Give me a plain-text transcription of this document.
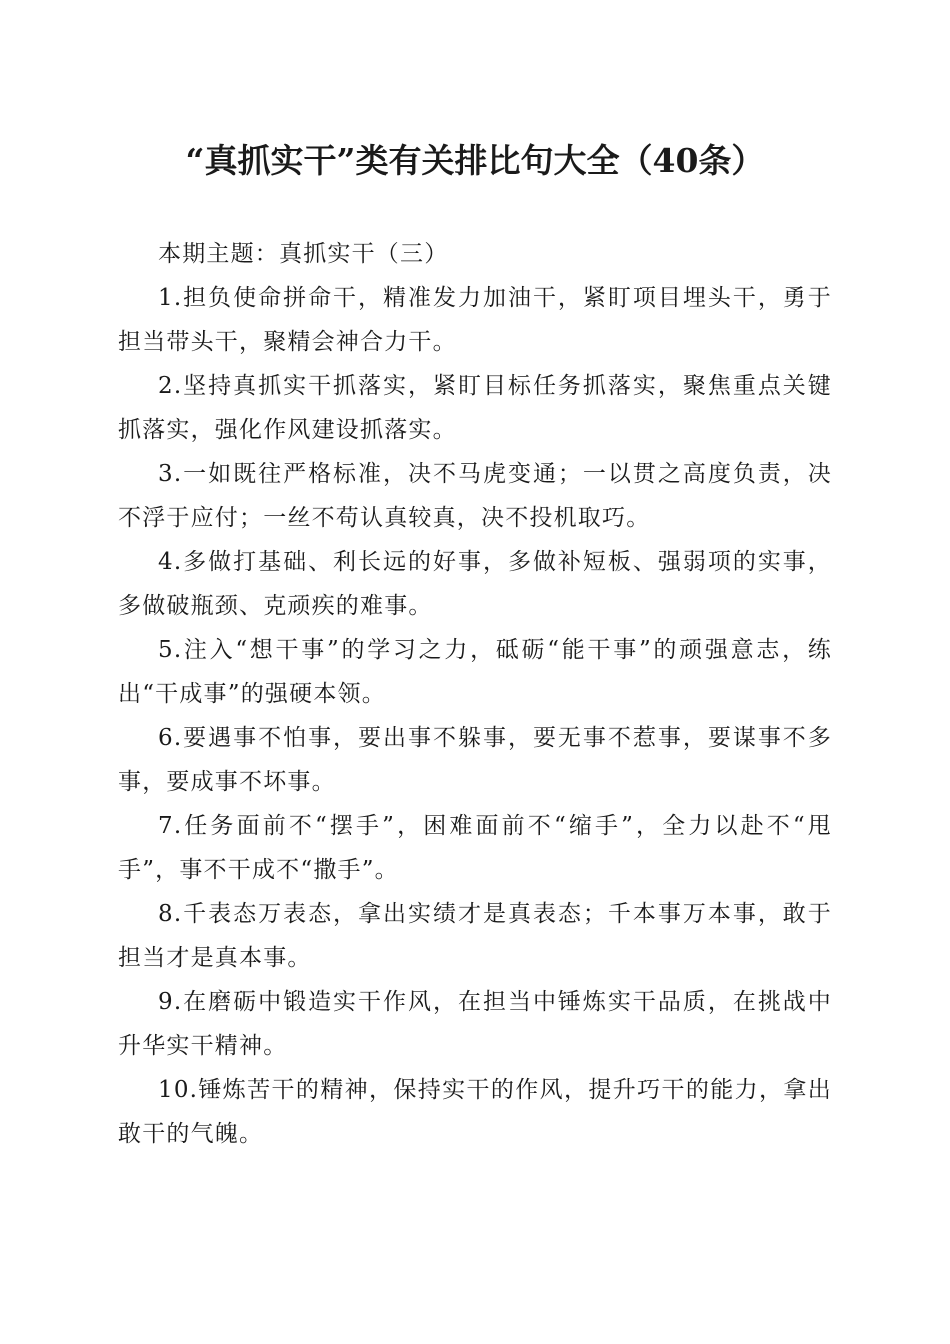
“真抓实干”类有关排比句大全（40条）

本期主题：真抓实干（三）

1.担负使命拼命干，精准发力加油干，紧盯项目埋头干，勇于担当带头干，聚精会神合力干。

2.坚持真抓实干抓落实，紧盯目标任务抓落实，聚焦重点关键抓落实，强化作风建设抓落实。

3.一如既往严格标准，决不马虎变通；一以贯之高度负责，决不浮于应付；一丝不苟认真较真，决不投机取巧。

4.多做打基础、利长远的好事，多做补短板、强弱项的实事，多做破瓶颈、克顽疾的难事。

5.注入“想干事”的学习之力，砥砺“能干事”的顽强意志，练出“干成事”的强硬本领。

6.要遇事不怕事，要出事不躲事，要无事不惹事，要谋事不多事，要成事不坏事。

7.任务面前不“摆手”，困难面前不“缩手”，全力以赴不“甩手”，事不干成不“撒手”。

8.千表态万表态，拿出实绩才是真表态；千本事万本事，敢于担当才是真本事。

9.在磨砺中锻造实干作风，在担当中锤炼实干品质，在挑战中升华实干精神。

10.锤炼苦干的精神，保持实干的作风，提升巧干的能力，拿出敢干的气魄。
